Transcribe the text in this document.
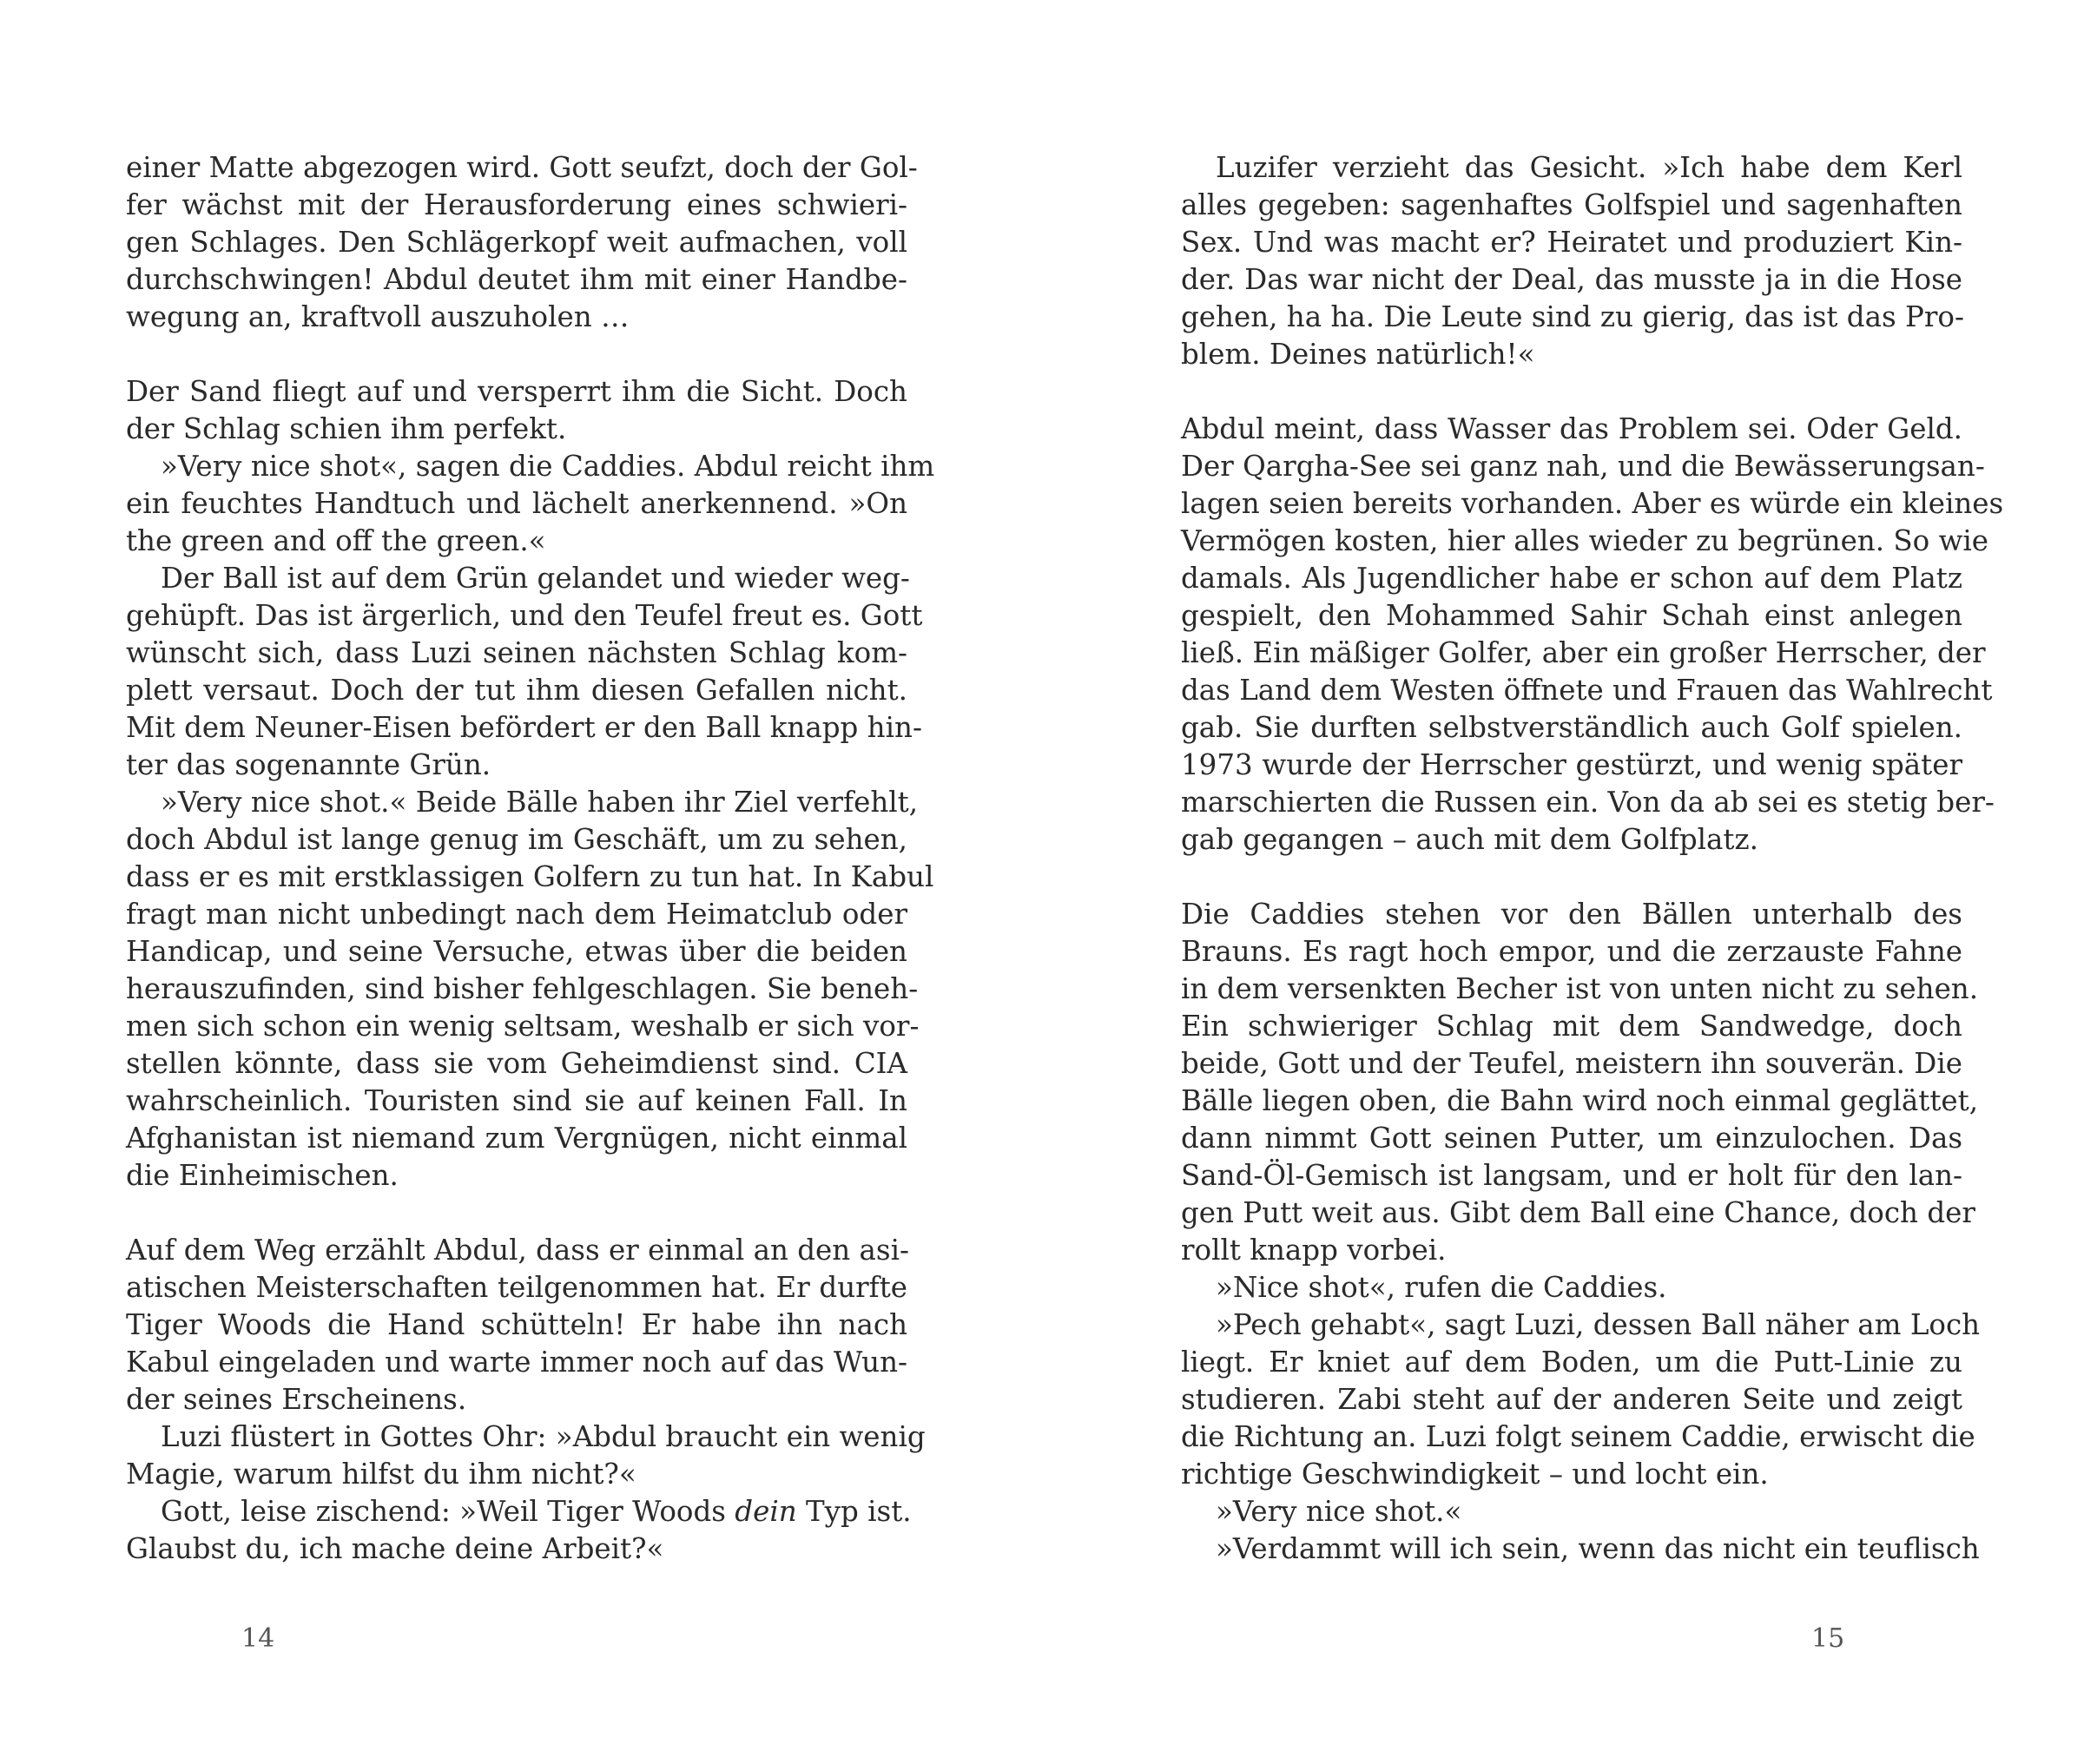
einer Matte abgezogen wird. Gott seufzt, doch der Gol-
fer wächst mit der Herausforderung eines schwieri-
gen Schlages. Den Schlägerkopf weit aufmachen, voll
durchschwingen! Abdul deutet ihm mit einer Handbe-
wegung an, kraftvoll auszuholen …
Der Sand fliegt auf und versperrt ihm die Sicht. Doch
der Schlag schien ihm perfekt.
»Very nice shot«, sagen die Caddies. Abdul reicht ihm
ein feuchtes Handtuch und lächelt anerkennend. »On
the green and off the green.«
Der Ball ist auf dem Grün gelandet und wieder weg-
gehüpft. Das ist ärgerlich, und den Teufel freut es. Gott
wünscht sich, dass Luzi seinen nächsten Schlag kom-
plett versaut. Doch der tut ihm diesen Gefallen nicht.
Mit dem Neuner-Eisen befördert er den Ball knapp hin-
ter das sogenannte Grün.
»Very nice shot.« Beide Bälle haben ihr Ziel verfehlt,
doch Abdul ist lange genug im Geschäft, um zu sehen,
dass er es mit erstklassigen Golfern zu tun hat. In Kabul
fragt man nicht unbedingt nach dem Heimatclub oder
Handicap, und seine Versuche, etwas über die beiden
herauszufinden, sind bisher fehlgeschlagen. Sie beneh-
men sich schon ein wenig seltsam, weshalb er sich vor-
stellen könnte, dass sie vom Geheimdienst sind. CIA
wahrscheinlich. Touristen sind sie auf keinen Fall. In
Afghanistan ist niemand zum Vergnügen, nicht einmal
die Einheimischen.
Auf dem Weg erzählt Abdul, dass er einmal an den asi-
atischen Meisterschaften teilgenommen hat. Er durfte
Tiger Woods die Hand schütteln! Er habe ihn nach
Kabul eingeladen und warte immer noch auf das Wun-
der seines Erscheinens.
Luzi flüstert in Gottes Ohr: »Abdul braucht ein wenig
Magie, warum hilfst du ihm nicht?«
Gott, leise zischend: »Weil Tiger Woods dein Typ ist.
Glaubst du, ich mache deine Arbeit?«
Luzifer verzieht das Gesicht. »Ich habe dem Kerl
alles gegeben: sagenhaftes Golfspiel und sagenhaften
Sex. Und was macht er? Heiratet und produziert Kin-
der. Das war nicht der Deal, das musste ja in die Hose
gehen, ha ha. Die Leute sind zu gierig, das ist das Pro-
blem. Deines natürlich!«
Abdul meint, dass Wasser das Problem sei. Oder Geld.
Der Qargha-See sei ganz nah, und die Bewässerungsan-
lagen seien bereits vorhanden. Aber es würde ein kleines
Vermögen kosten, hier alles wieder zu begrünen. So wie
damals. Als Jugendlicher habe er schon auf dem Platz
gespielt, den Mohammed Sahir Schah einst anlegen
ließ. Ein mäßiger Golfer, aber ein großer Herrscher, der
das Land dem Westen öffnete und Frauen das Wahlrecht
gab. Sie durften selbstverständlich auch Golf spielen.
1973 wurde der Herrscher gestürzt, und wenig später
marschierten die Russen ein. Von da ab sei es stetig ber-
gab gegangen – auch mit dem Golfplatz.
Die Caddies stehen vor den Bällen unterhalb des
Brauns. Es ragt hoch empor, und die zerzauste Fahne
in dem versenkten Becher ist von unten nicht zu sehen.
Ein schwieriger Schlag mit dem Sandwedge, doch
beide, Gott und der Teufel, meistern ihn souverän. Die
Bälle liegen oben, die Bahn wird noch einmal geglättet,
dann nimmt Gott seinen Putter, um einzulochen. Das
Sand-Öl-Gemisch ist langsam, und er holt für den lan-
gen Putt weit aus. Gibt dem Ball eine Chance, doch der
rollt knapp vorbei.
»Nice shot«, rufen die Caddies.
»Pech gehabt«, sagt Luzi, dessen Ball näher am Loch
liegt. Er kniet auf dem Boden, um die Putt-Linie zu
studieren. Zabi steht auf der anderen Seite und zeigt
die Richtung an. Luzi folgt seinem Caddie, erwischt die
richtige Geschwindigkeit – und locht ein.
»Very nice shot.«
»Verdammt will ich sein, wenn das nicht ein teuflisch
14	15
